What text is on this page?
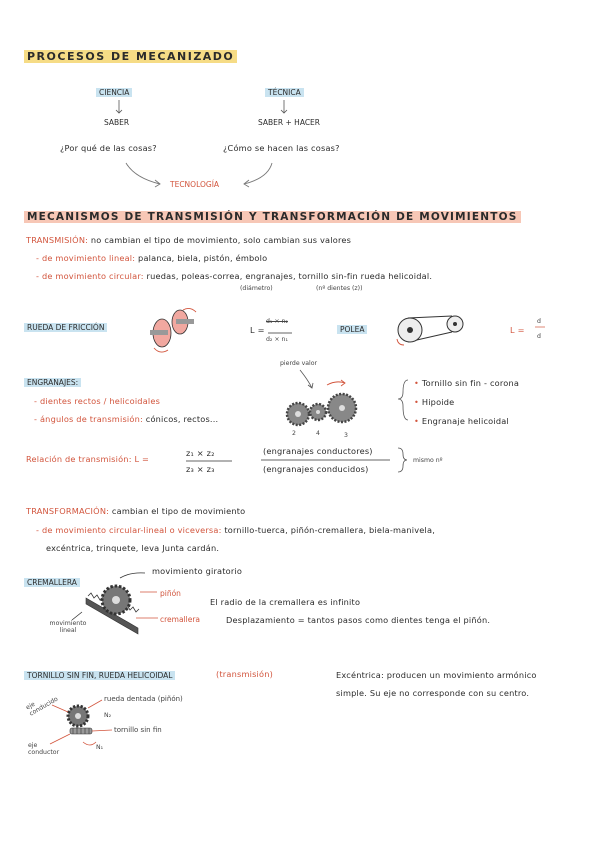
PROCESOS DE MECANIZADO
CIENCIA
SABER
¿Por qué de las cosas?
TÉCNICA
SABER + HACER
¿Cómo se hacen las cosas?
TECNOLOGÍA
MECANISMOS DE TRANSMISIÓN Y TRANSFORMACIÓN DE MOVIMIENTOS
TRANSMISIÓN: no cambian el tipo de movimiento, solo cambian sus valores
- de movimiento lineal: palanca, biela, pistón, émbolo
- de movimiento circular: ruedas, poleas-correa, engranajes, tornillo sin-fin rueda helicoidal.
(diámetro)	(nº dientes (z))
RUEDA DE FRICCIÓN	L =
d₁ × n₂
d₂ × n₁
POLEA	L =
d
d
pierde valor
ENGRANAJES:
- dientes rectos / helicoidales
- ángulos de transmisión: cónicos, rectos...
• Tornillo sin fin - corona
• Hipoide
• Engranaje helicoidal
2	4	3
Relación de transmisión: L =
z₁ × z₂
z₃ × z₃
(engranajes conductores)
(engranajes conducidos)
mismo nº
TRANSFORMACIÓN: cambian el tipo de movimiento
- de movimiento circular-lineal o viceversa: tornillo-tuerca, piñón-cremallera, biela-manivela,
excéntrica, trinquete, leva Junta cardán.
CREMALLERA
movimiento giratorio
piñón
cremallera
movimiento lineal
El radio de la cremallera es infinito
Desplazamiento = tantos pasos como dientes tenga el piñón.
TORNILLO SIN FIN, RUEDA HELICOIDAL	(transmisión)
eje conducido	rueda dentada (piñón)
N₂
tornillo sin fin
eje conductor
N₁
Excéntrica: producen un movimiento armónico
simple. Su eje no corresponde con su centro.
